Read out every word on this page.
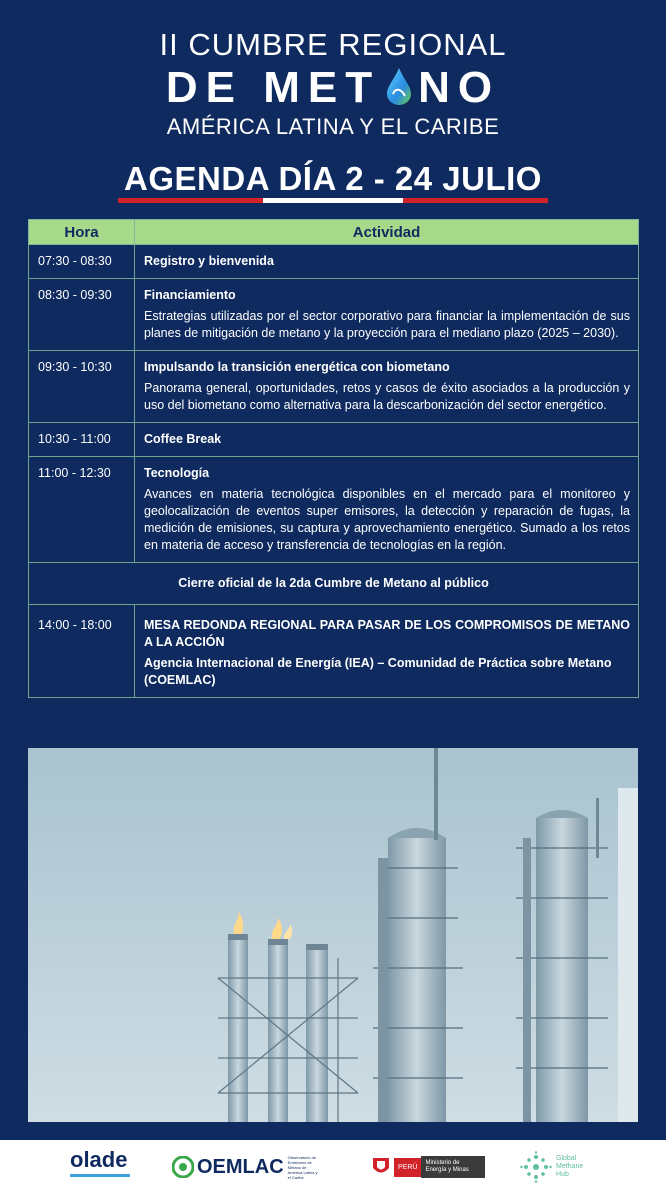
II CUMBRE REGIONAL
DE MET NO
AMÉRICA LATINA Y EL CARIBE
AGENDA DÍA 2 - 24 JULIO
Hora	Actividad
07:30 - 08:30	Registro y bienvenida

08:30 - 09:30	Financiamiento
Estrategias utilizadas por el sector corporativo para financiar la implementación de sus planes de mitigación de metano y la proyección para el mediano plazo (2025 – 2030).

09:30 - 10:30	Impulsando la transición energética con biometano
Panorama general, oportunidades, retos y casos de éxito asociados a la producción y uso del biometano como alternativa para la descarbonización del sector energético.

10:30 - 11:00	Coffee Break

11:00 - 12:30	Tecnología
Avances en materia tecnológica disponibles en el mercado para el monitoreo y geolocalización de eventos super emisores, la detección y reparación de fugas, la medición de emisiones, su captura y aprovechamiento energético. Sumado a los retos en materia de acceso y transferencia de tecnologías en la región.

Cierre oficial de la 2da Cumbre de Metano al público	

14:00 - 18:00	MESA REDONDA REGIONAL PARA PASAR DE LOS COMPROMISOS DE METANO A LA ACCIÓN
Agencia Internacional de Energía (IEA) – Comunidad de Práctica sobre Metano (COEMLAC)
olade	OEMLAC Observatorio de Emisiones de Metano de América Latina y el Caribe
PERÚ
Ministerio de Energía y Minas
Global Methane Hub
